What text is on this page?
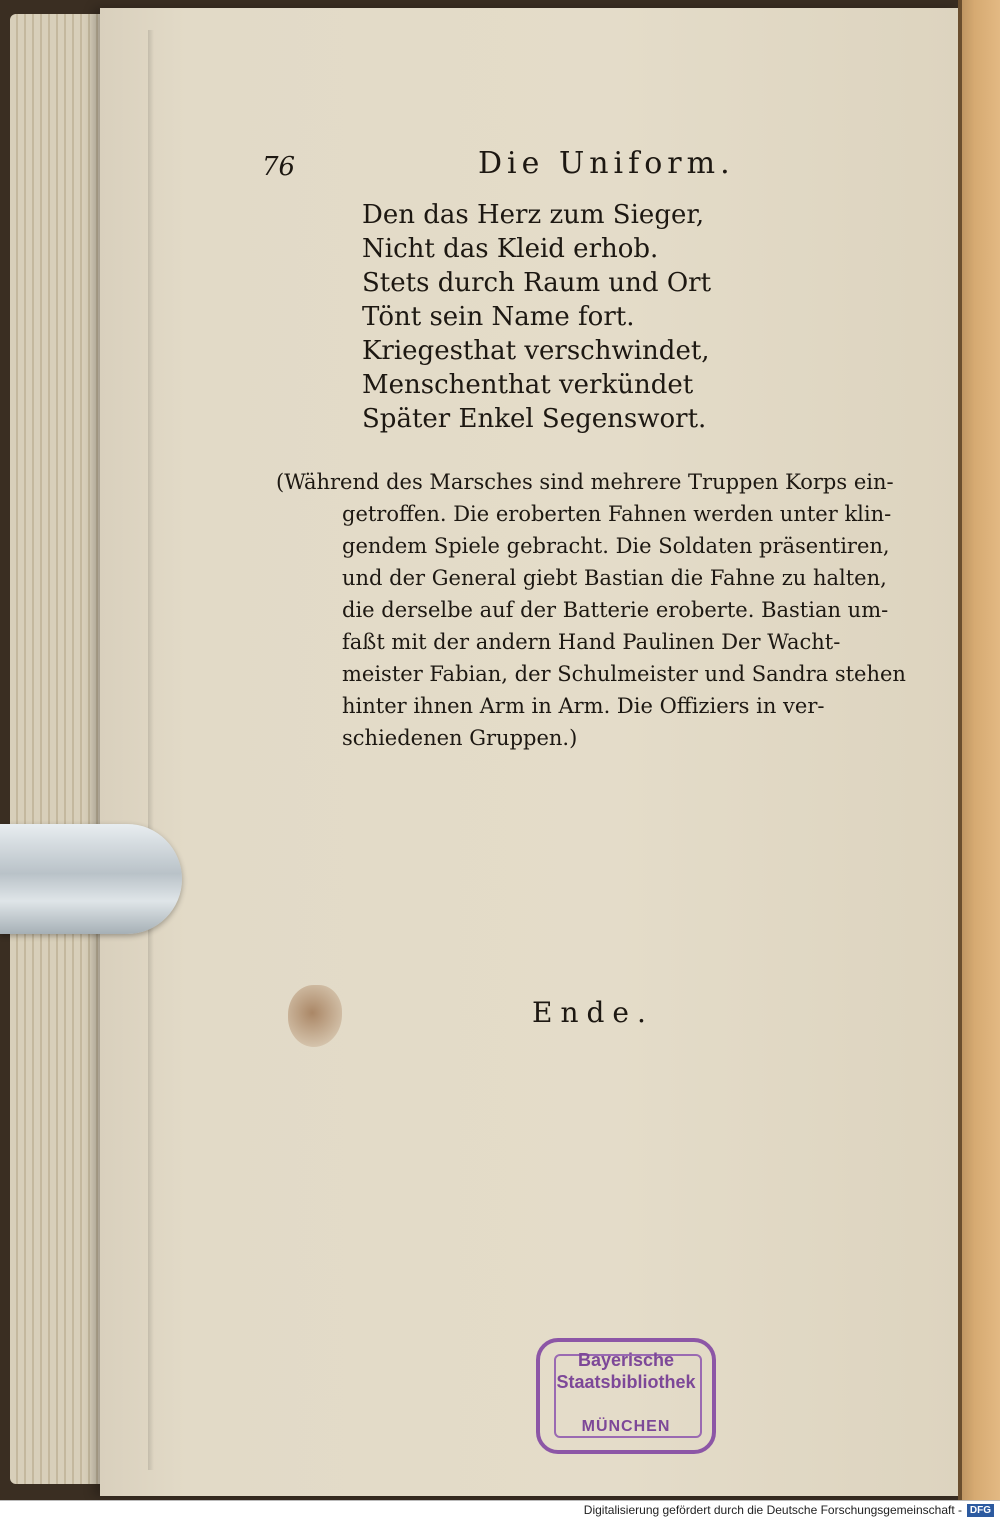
76	Die Uniform.
Den das Herz zum Sieger,
Nicht das Kleid erhob.
Stets durch Raum und Ort
Tönt sein Name fort.
Kriegesthat verschwindet,
Menschenthat verkündet
Später Enkel Segenswort.
(Während des Marsches sind mehrere Truppen Korps ein-
getroffen. Die eroberten Fahnen werden unter klin-
gendem Spiele gebracht. Die Soldaten präsentiren,
und der General giebt Bastian die Fahne zu halten,
die derselbe auf der Batterie eroberte. Bastian um-
faßt mit der andern Hand Paulinen Der Wacht-
meister Fabian, der Schulmeister und Sandra stehen
hinter ihnen Arm in Arm. Die Offiziers in ver-
schiedenen Gruppen.)
Ende.
Bayerische
Staatsbibliothek
MÜNCHEN
Digitalisierung gefördert durch die Deutsche Forschungsgemeinschaft - DFG
